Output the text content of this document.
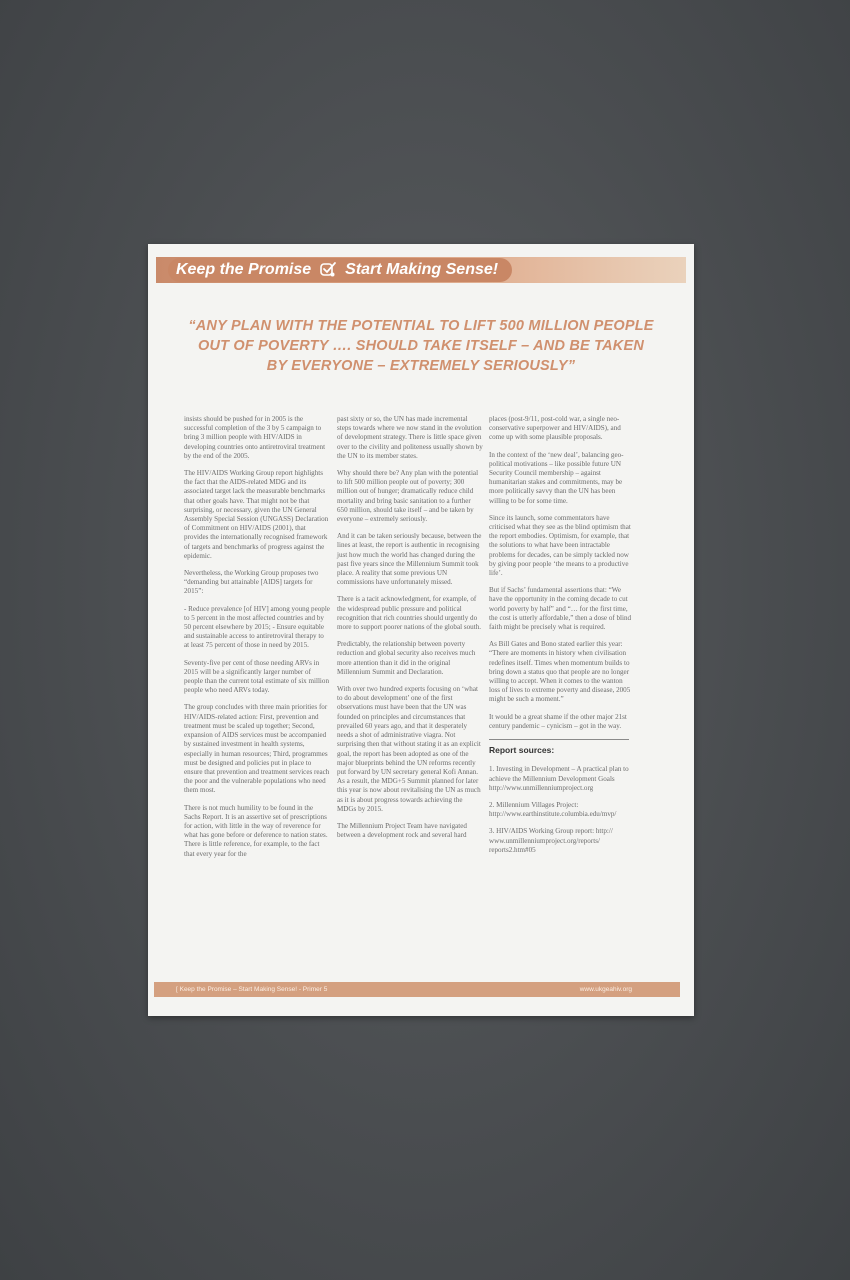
Keep the Promise Start Making Sense!
“ANY PLAN WITH THE POTENTIAL TO LIFT 500 MILLION PEOPLE OUT OF POVERTY …. SHOULD TAKE ITSELF – AND BE TAKEN BY EVERYONE – EXTREMELY SERIOUSLY”

insists should be pushed for in 2005 is the successful completion of the 3 by 5 campaign to bring 3 million people with HIV/AIDS in developing countries onto antiretroviral treatment by the end of the 2005.

The HIV/AIDS Working Group report highlights the fact that the AIDS-related MDG and its associated target lack the measurable benchmarks that other goals have. That might not be that surprising, or necessary, given the UN General Assembly Special Session (UNGASS) Declaration of Commitment on HIV/AIDS (2001), that provides the internationally recognised framework of targets and benchmarks of progress against the epidemic.

Nevertheless, the Working Group proposes two “demanding but attainable [AIDS] targets for 2015”:

- Reduce prevalence [of HIV] among young people to 5 percent in the most affected countries and by 50 percent elsewhere by 2015; - Ensure equitable and sustainable access to antiretroviral therapy to at least 75 percent of those in need by 2015.

Seventy-five per cent of those needing ARVs in 2015 will be a significantly larger number of people than the current total estimate of six million people who need ARVs today.

The group concludes with three main priorities for HIV/AIDS-related action: First, prevention and treatment must be scaled up together; Second, expansion of AIDS services must be accompanied by sustained investment in health systems, especially in human resources; Third, programmes must be designed and policies put in place to ensure that prevention and treatment services reach the poor and the vulnerable populations who need them most.

There is not much humility to be found in the Sachs Report. It is an assertive set of prescriptions for action, with little in the way of reverence for what has gone before or deference to nation states. There is little reference, for example, to the fact that every year for the

past sixty or so, the UN has made incremental steps towards where we now stand in the evolution of development strategy. There is little space given over to the civility and politeness usually shown by the UN to its member states.

Why should there be? Any plan with the potential to lift 500 million people out of poverty; 300 million out of hunger; dramatically reduce child mortality and bring basic sanitation to a further 650 million, should take itself – and be taken by everyone – extremely seriously.

And it can be taken seriously because, between the lines at least, the report is authentic in recognising just how much the world has changed during the past five years since the Millennium Summit took place. A reality that some previous UN commissions have unfortunately missed.

There is a tacit acknowledgment, for example, of the widespread public pressure and political recognition that rich countries should urgently do more to support poorer nations of the global south.

Predictably, the relationship between poverty reduction and global security also receives much more attention than it did in the original Millennium Summit and Declaration.

With over two hundred experts focusing on ‘what to do about development’ one of the first observations must have been that the UN was founded on principles and circumstances that prevailed 60 years ago, and that it desperately needs a shot of administrative viagra. Not surprising then that without stating it as an explicit goal, the report has been adopted as one of the major blueprints behind the UN reforms recently put forward by UN secretary general Kofi Annan. As a result, the MDG+5 Summit planned for later this year is now about revitalising the UN as much as it is about progress towards achieving the MDGs by 2015.

The Millennium Project Team have navigated between a development rock and several hard

places (post-9/11, post-cold war, a single neo-conservative superpower and HIV/AIDS), and come up with some plausible proposals.

In the context of the ‘new deal’, balancing geo-political motivations – like possible future UN Security Council membership – against humanitarian stakes and commitments, may be more politically savvy than the UN has been willing to be for some time.

Since its launch, some commentators have criticised what they see as the blind optimism that the report embodies. Optimism, for example, that the solutions to what have been intractable problems for decades, can be simply tackled now by giving poor people ‘the means to a productive life’.

But if Sachs’ fundamental assertions that: “We have the opportunity in the coming decade to cut world poverty by half” and “… for the first time, the cost is utterly affordable,” then a dose of blind faith might be precisely what is required.

As Bill Gates and Bono stated earlier this year: “There are moments in history when civilisation redefines itself. Times when momentum builds to bring down a status quo that people are no longer willing to accept. When it comes to the wanton loss of lives to extreme poverty and disease, 2005 might be such a moment.”

It would be a great shame if the other major 21st century pandemic – cynicism – got in the way.

Report sources:

1. Investing in Development – A practical plan to achieve the Millennium Development Goals http://www.unmillenniumproject.org

2. Millennium Villages Project: http://www.earthinstitute.columbia.edu/mvp/

3. HIV/AIDS Working Group report: http:// www.unmillenniumproject.org/reports/ reports2.htm#05

[ Keep the Promise – Start Making Sense! - Primer 5	www.ukgeahiv.org
